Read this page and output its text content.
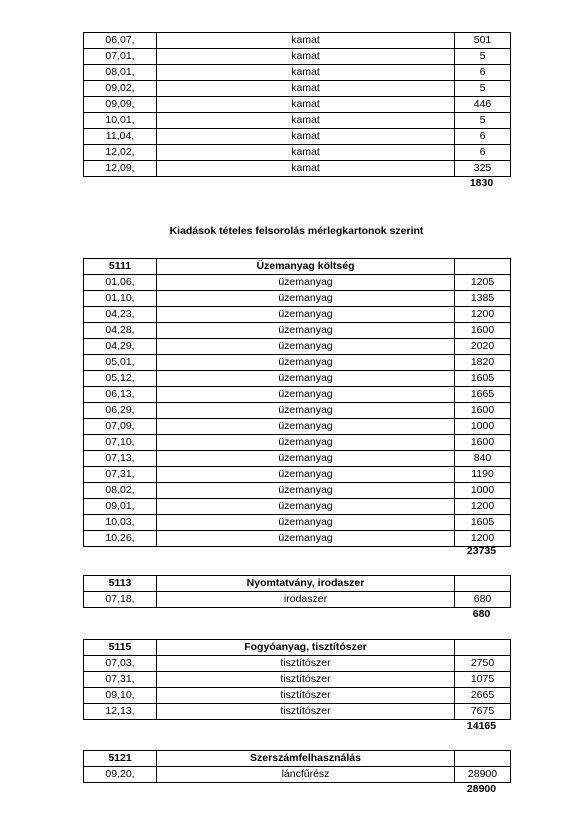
06,07,	kamat	501
07,01,	kamat	5
08,01,	kamat	6
09,02,	kamat	5
09,09,	kamat	446
10,01,	kamat	5
11,04,	kamat	6
12,02,	kamat	6
12,09,	kamat	325
1830
Kiadások tételes felsorolás mérlegkartonok szerint
5111	Üzemanyag költség	
01,06,	üzemanyag	1205
01,10,	üzemanyag	1385
04,23,	üzemanyag	1200
04,28,	üzemanyag	1600
04,29,	üzemanyag	2020
05,01,	üzemanyag	1820
05,12,	üzemanyag	1605
06,13,	üzemanyag	1665
06,29,	üzemanyag	1600
07,09,	üzemanyag	1000
07,10,	üzemanyag	1600
07,13,	üzemanyag	840
07,31,	üzemanyag	1190
08,02,	üzemanyag	1000
09,01,	üzemanyag	1200
10,03,	üzemanyag	1605
10,26,	üzemanyag	1200
23735
5113	Nyomtatvány, irodaszer	
07,18,	irodaszer	680
680
5115	Fogyóanyag, tisztítószer	
07,03,	tisztítószer	2750
07,31,	tisztítószer	1075
09,10,	tisztítószer	2665
12,13,	tisztítószer	7675
14165
5121	Szerszámfelhasználás	
09,20,	láncfűrész	28900
28900
